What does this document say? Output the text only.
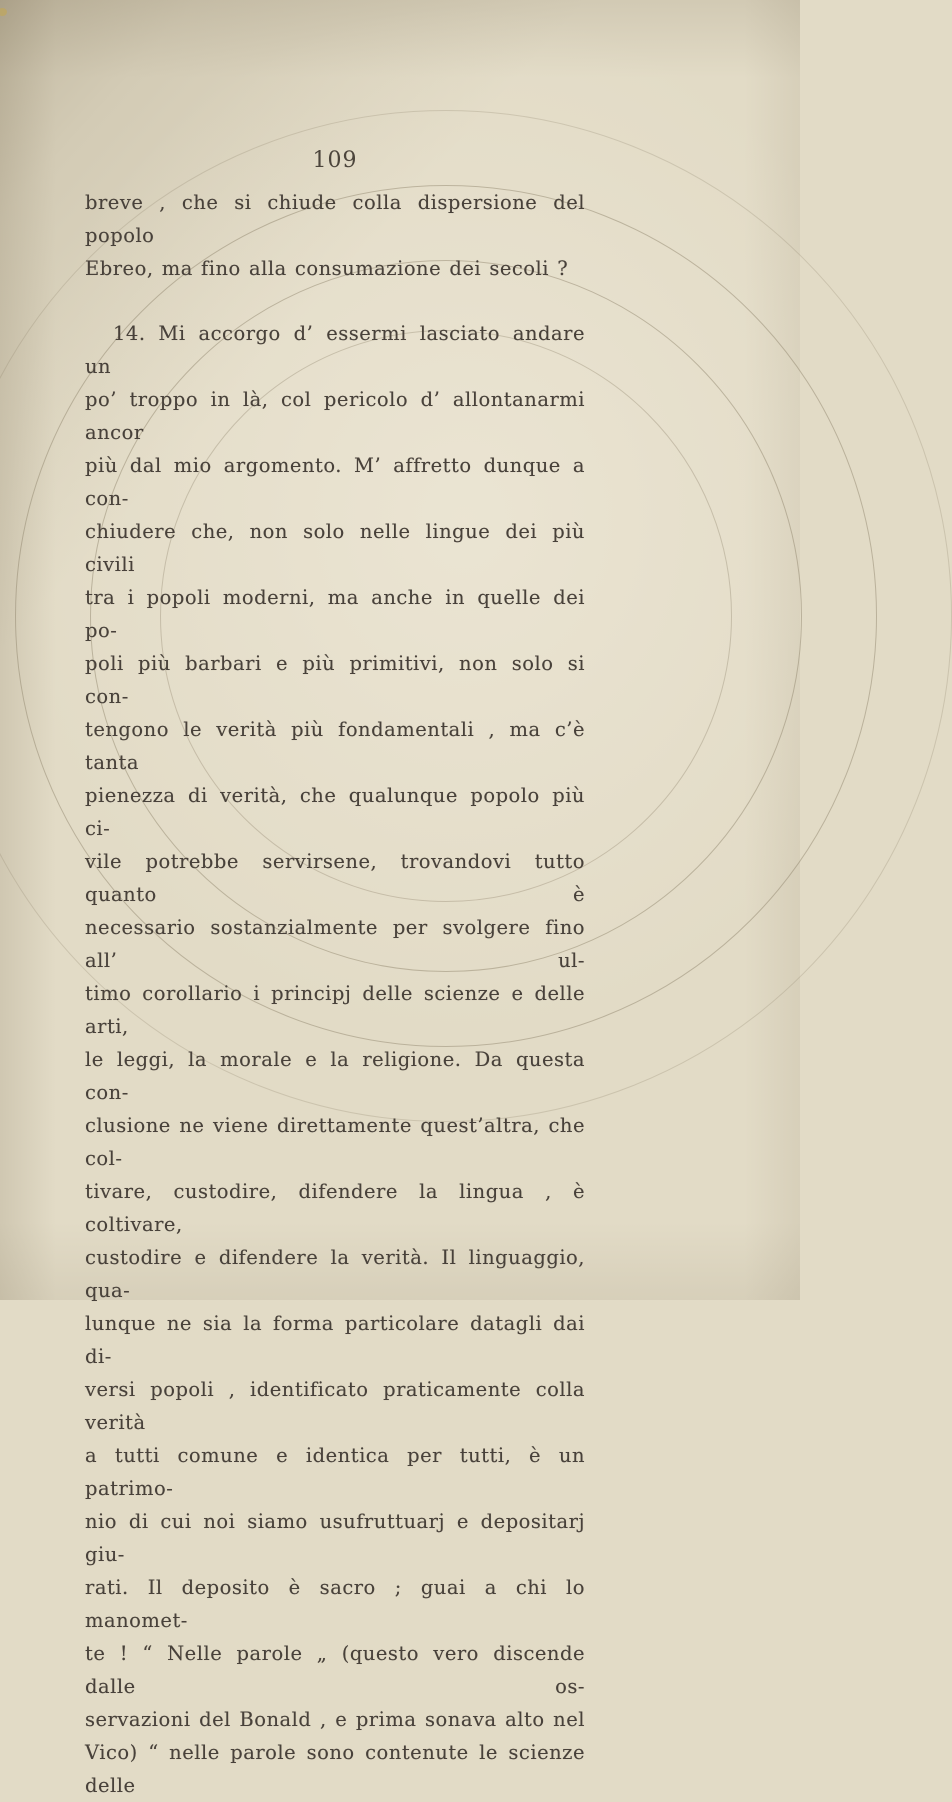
109
breve , che si chiude colla dispersione del popolo
Ebreo, ma fino alla consumazione dei secoli ?
14. Mi accorgo d’ essermi lasciato andare un
po’ troppo in là, col pericolo d’ allontanarmi ancor
più dal mio argomento. M’ affretto dunque a con-
chiudere che, non solo nelle lingue dei più civili
tra i popoli moderni, ma anche in quelle dei po-
poli più barbari e più primitivi, non solo si con-
tengono le verità più fondamentali , ma c’è tanta
pienezza di verità, che qualunque popolo più ci-
vile potrebbe servirsene, trovandovi tutto quanto è
necessario sostanzialmente per svolgere fino all’ ul-
timo corollario i principj delle scienze e delle arti,
le leggi, la morale e la religione. Da questa con-
clusione ne viene direttamente quest’altra, che col-
tivare, custodire, difendere la lingua , è coltivare,
custodire e difendere la verità. Il linguaggio, qua-
lunque ne sia la forma particolare datagli dai di-
versi popoli , identificato praticamente colla verità
a tutti comune e identica per tutti, è un patrimo-
nio di cui noi siamo usufruttuarj e depositarj giu-
rati. Il deposito è sacro ; guai a chi lo manomet-
te ! “ Nelle parole „ (questo vero discende dalle os-
servazioni del Bonald , e prima sonava alto nel
Vico) “ nelle parole sono contenute le scienze delle
